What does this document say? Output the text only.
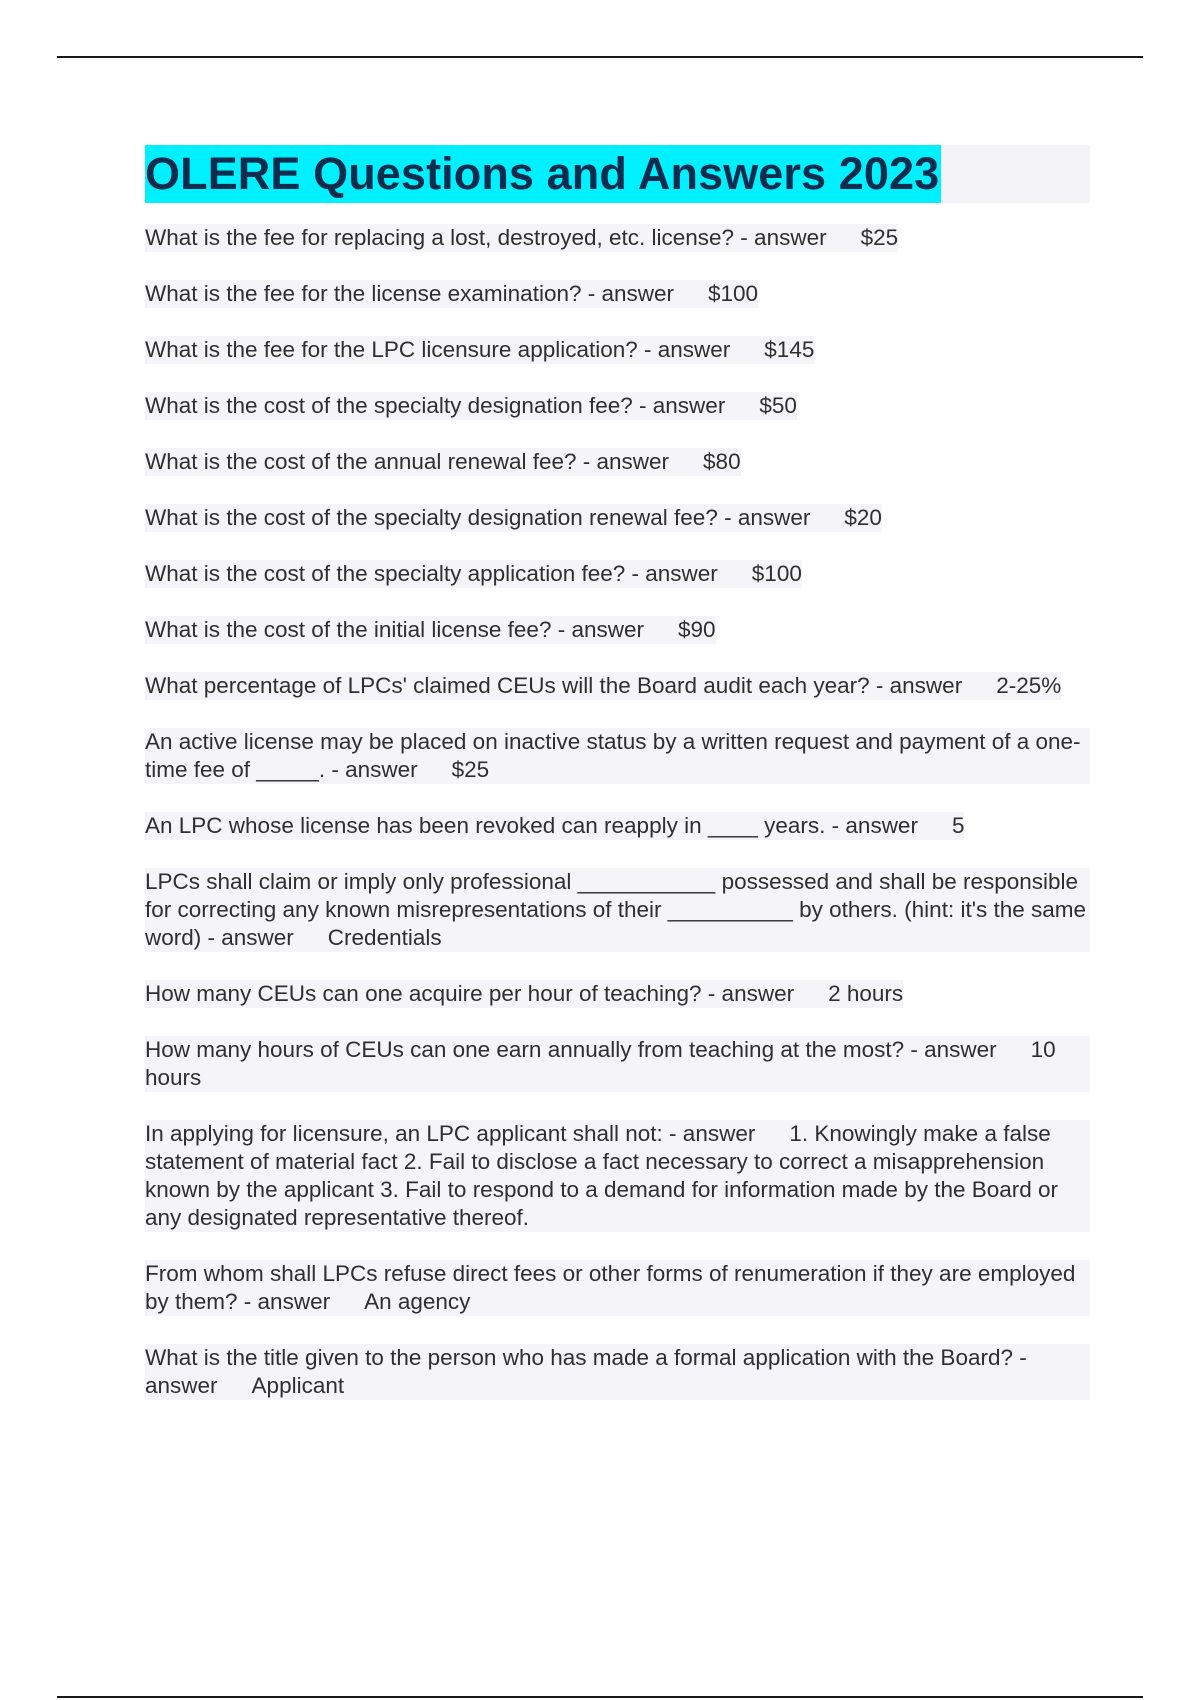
OLERE Questions and Answers 2023
What is the fee for replacing a lost, destroyed, etc. license? - answer $25
What is the fee for the license examination? - answer $100
What is the fee for the LPC licensure application? - answer $145
What is the cost of the specialty designation fee? - answer $50
What is the cost of the annual renewal fee? - answer $80
What is the cost of the specialty designation renewal fee? - answer $20
What is the cost of the specialty application fee? - answer $100
What is the cost of the initial license fee? - answer $90
What percentage of LPCs' claimed CEUs will the Board audit each year? - answer 2-25%
An active license may be placed on inactive status by a written request and payment of a one-time fee of _____. - answer $25
An LPC whose license has been revoked can reapply in ____ years. - answer 5
LPCs shall claim or imply only professional ___________ possessed and shall be responsible for correcting any known misrepresentations of their __________ by others. (hint: it's the same word) - answer Credentials
How many CEUs can one acquire per hour of teaching? - answer 2 hours
How many hours of CEUs can one earn annually from teaching at the most? - answer 10 hours
In applying for licensure, an LPC applicant shall not: - answer 1. Knowingly make a false statement of material fact 2. Fail to disclose a fact necessary to correct a misapprehension known by the applicant 3. Fail to respond to a demand for information made by the Board or any designated representative thereof.
From whom shall LPCs refuse direct fees or other forms of renumeration if they are employed by them? - answer An agency
What is the title given to the person who has made a formal application with the Board? - answer Applicant
